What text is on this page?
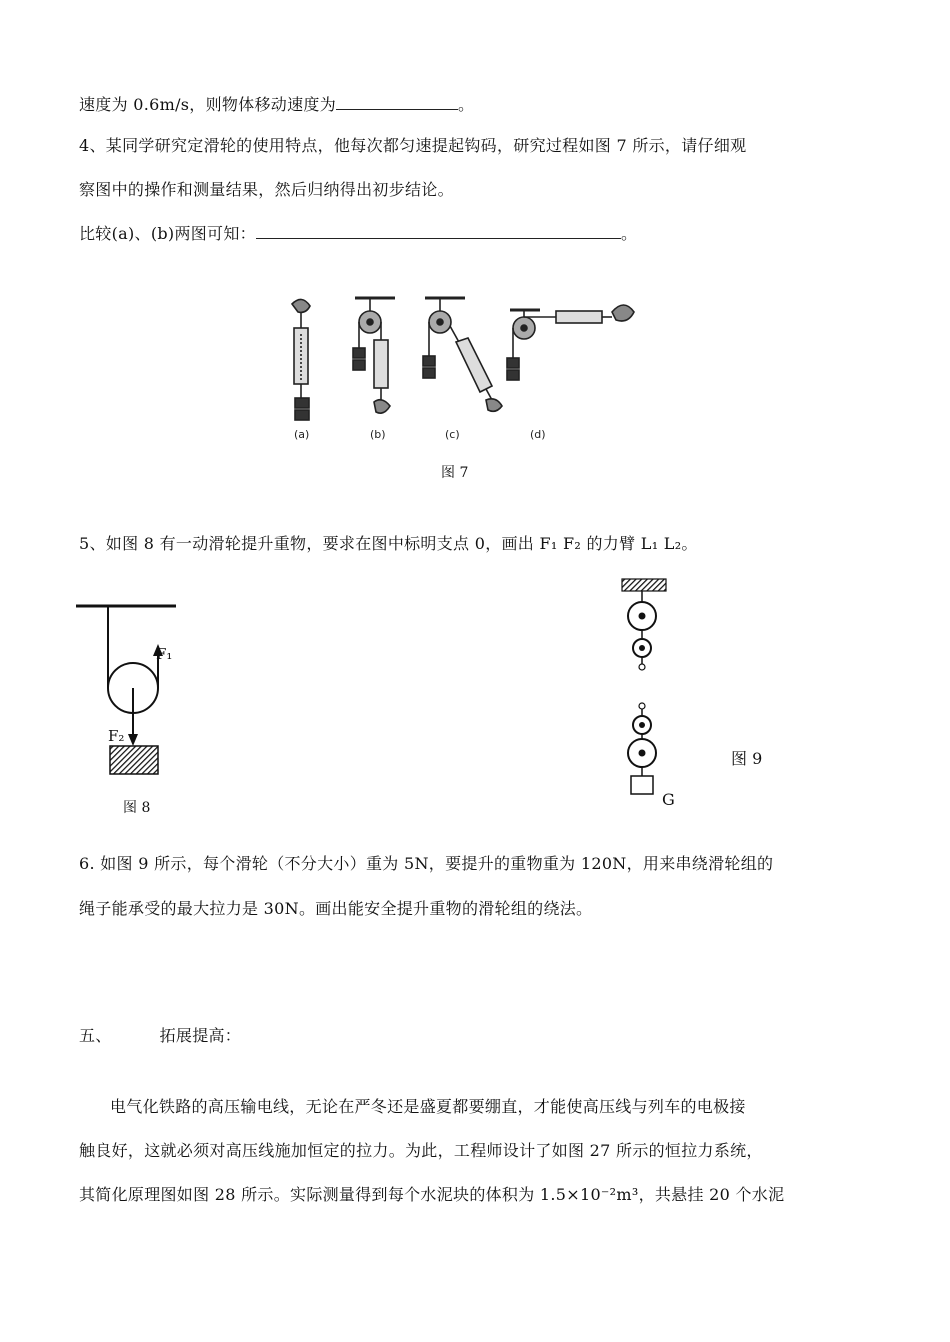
速度为 0.6m/s，则物体移动速度为	。
4、某同学研究定滑轮的使用特点，他每次都匀速提起钩码，研究过程如图 7 所示，请仔细观
察图中的操作和测量结果，然后归纳得出初步结论。
比较(a)、(b)两图可知：	。
(a)	(b)	(c)	(d)
图 7
5、如图 8 有一动滑轮提升重物，要求在图中标明支点 0，画出 F₁ F₂ 的力臂 L₁ L₂。
F₁
F₂
图 8
图 9
G
6. 如图 9 所示，每个滑轮（不分大小）重为 5N，要提升的重物重为 120N，用来串绕滑轮组的
绳子能承受的最大拉力是 30N。画出能安全提升重物的滑轮组的绕法。
五、	拓展提高：
电气化铁路的高压输电线，无论在严冬还是盛夏都要绷直，才能使高压线与列车的电极接
触良好，这就必须对高压线施加恒定的拉力。为此，工程师设计了如图 27 所示的恒拉力系统，
其简化原理图如图 28 所示。实际测量得到每个水泥块的体积为 1.5×10⁻²m³，共悬挂 20 个水泥
